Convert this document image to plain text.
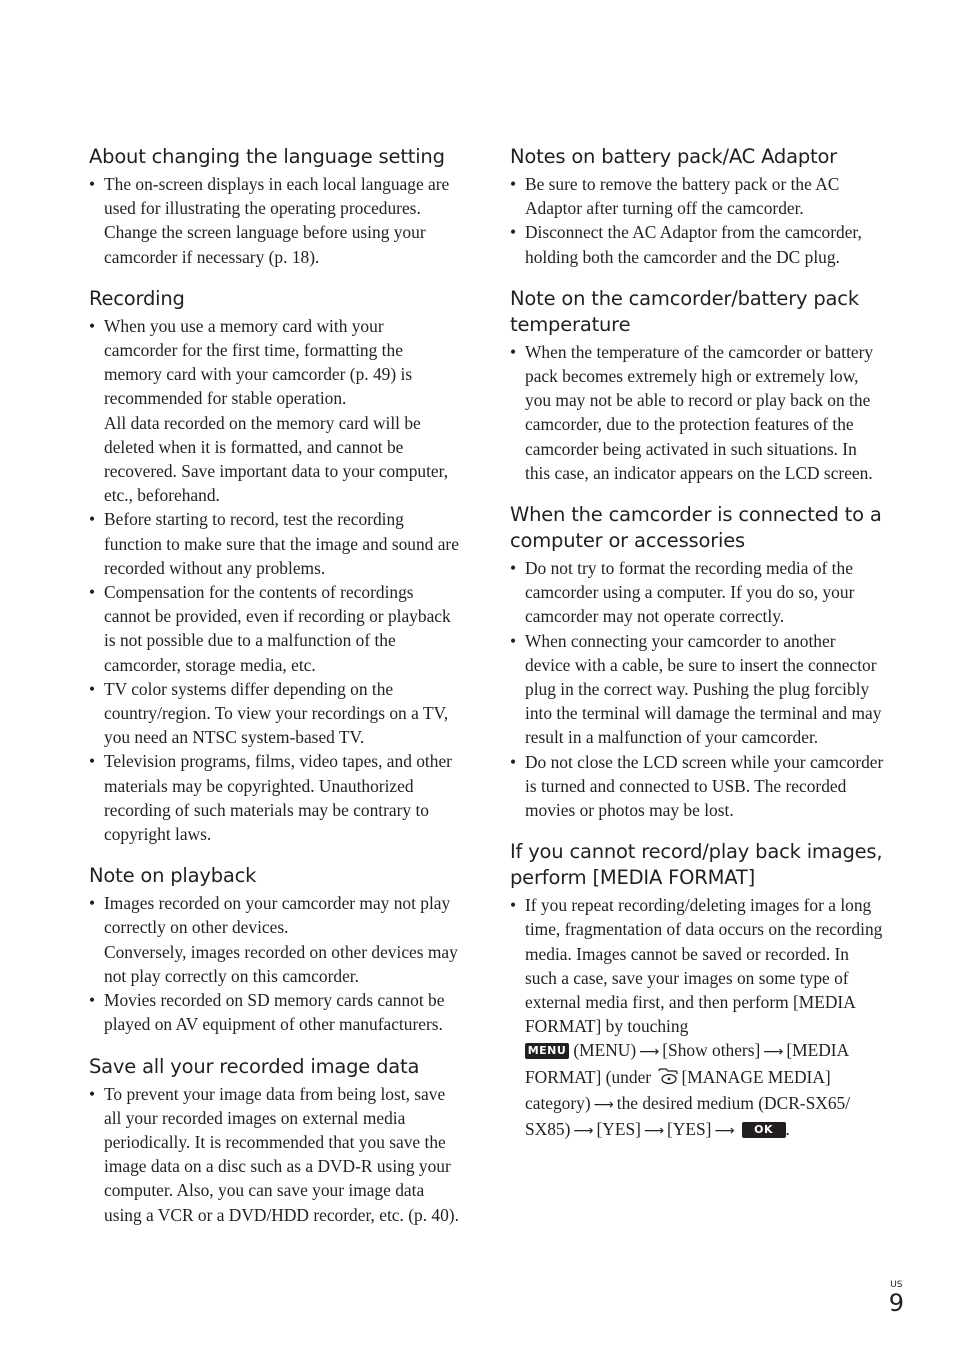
About changing the language setting
• The on-screen displays in each local language are used for illustrating the operating procedures. Change the screen language before using your camcorder if necessary (p. 18).
Recording
• When you use a memory card with your camcorder for the first time, formatting the memory card with your camcorder (p. 49) is recommended for stable operation.
All data recorded on the memory card will be deleted when it is formatted, and cannot be recovered. Save important data to your computer, etc., beforehand.
• Before starting to record, test the recording function to make sure that the image and sound are recorded without any problems.
• Compensation for the contents of recordings cannot be provided, even if recording or playback is not possible due to a malfunction of the camcorder, storage media, etc.
• TV color systems differ depending on the country/region. To view your recordings on a TV, you need an NTSC system-based TV.
• Television programs, films, video tapes, and other materials may be copyrighted. Unauthorized recording of such materials may be contrary to copyright laws.
Note on playback
• Images recorded on your camcorder may not play correctly on other devices.
Conversely, images recorded on other devices may not play correctly on this camcorder.
• Movies recorded on SD memory cards cannot be played on AV equipment of other manufacturers.
Save all your recorded image data
• To prevent your image data from being lost, save all your recorded images on external media periodically. It is recommended that you save the image data on a disc such as a DVD-R using your computer. Also, you can save your image data using a VCR or a DVD/HDD recorder, etc. (p. 40).
Notes on battery pack/AC Adaptor
• Be sure to remove the battery pack or the AC Adaptor after turning off the camcorder.
• Disconnect the AC Adaptor from the camcorder, holding both the camcorder and the DC plug.
Note on the camcorder/battery pack temperature
• When the temperature of the camcorder or battery pack becomes extremely high or extremely low, you may not be able to record or play back on the camcorder, due to the protection features of the camcorder being activated in such situations. In this case, an indicator appears on the LCD screen.
When the camcorder is connected to a computer or accessories
• Do not try to format the recording media of the camcorder using a computer. If you do so, your camcorder may not operate correctly.
• When connecting your camcorder to another device with a cable, be sure to insert the connector plug in the correct way. Pushing the plug forcibly into the terminal will damage the terminal and may result in a malfunction of your camcorder.
• Do not close the LCD screen while your camcorder is turned and connected to USB. The recorded movies or photos may be lost.
If you cannot record/play back images, perform [MEDIA FORMAT]
• If you repeat recording/deleting images for a long time, fragmentation of data occurs on the recording media. Images cannot be saved or recorded. In such a case, save your images on some type of external media first, and then perform [MEDIA FORMAT] by touching
MENU (MENU) ⟶ [Show others] ⟶ [MEDIA FORMAT] (under [MANAGE MEDIA] category) ⟶ the desired medium (DCR-SX65/ SX85) ⟶ [YES] ⟶ [YES] ⟶ OK .
US
9
